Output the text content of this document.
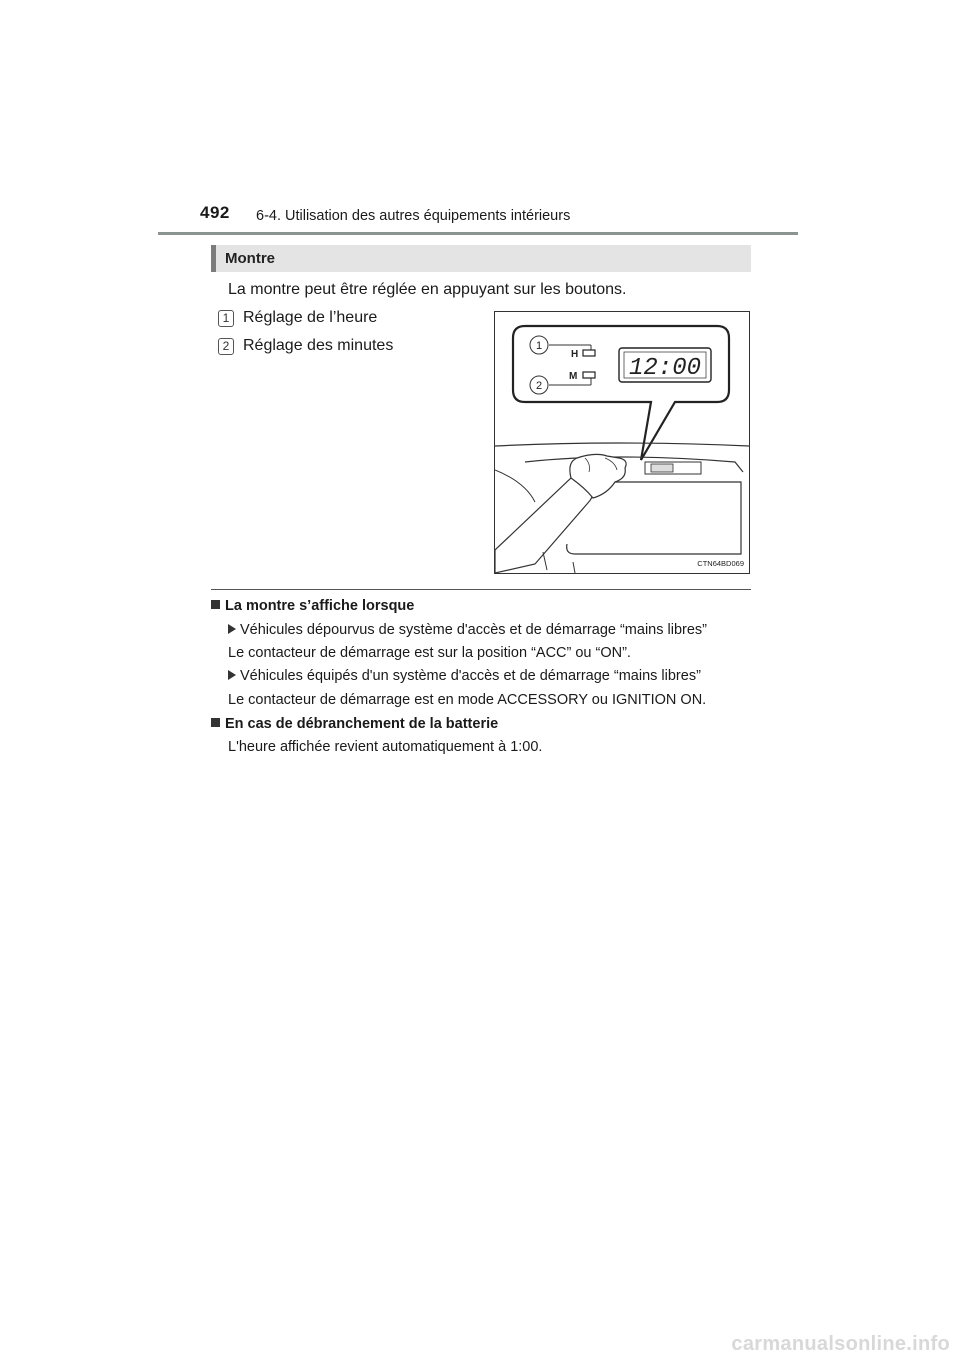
492 6-4. Utilisation des autres équipements intérieurs
Montre
La montre peut être réglée en appuyant sur les boutons.
1 Réglage de l’heure
2 Réglage des minutes	1
2
H
M 12:00
CTN64BD069
La montre s’affiche lorsque
Véhicules dépourvus de système d'accès et de démarrage “mains libres”
Le contacteur de démarrage est sur la position “ACC” ou “ON”.
Véhicules équipés d'un système d'accès et de démarrage “mains libres”
Le contacteur de démarrage est en mode ACCESSORY ou IGNITION ON.
En cas de débranchement de la batterie
L'heure affichée revient automatiquement à 1:00.
carmanualsonline.info
